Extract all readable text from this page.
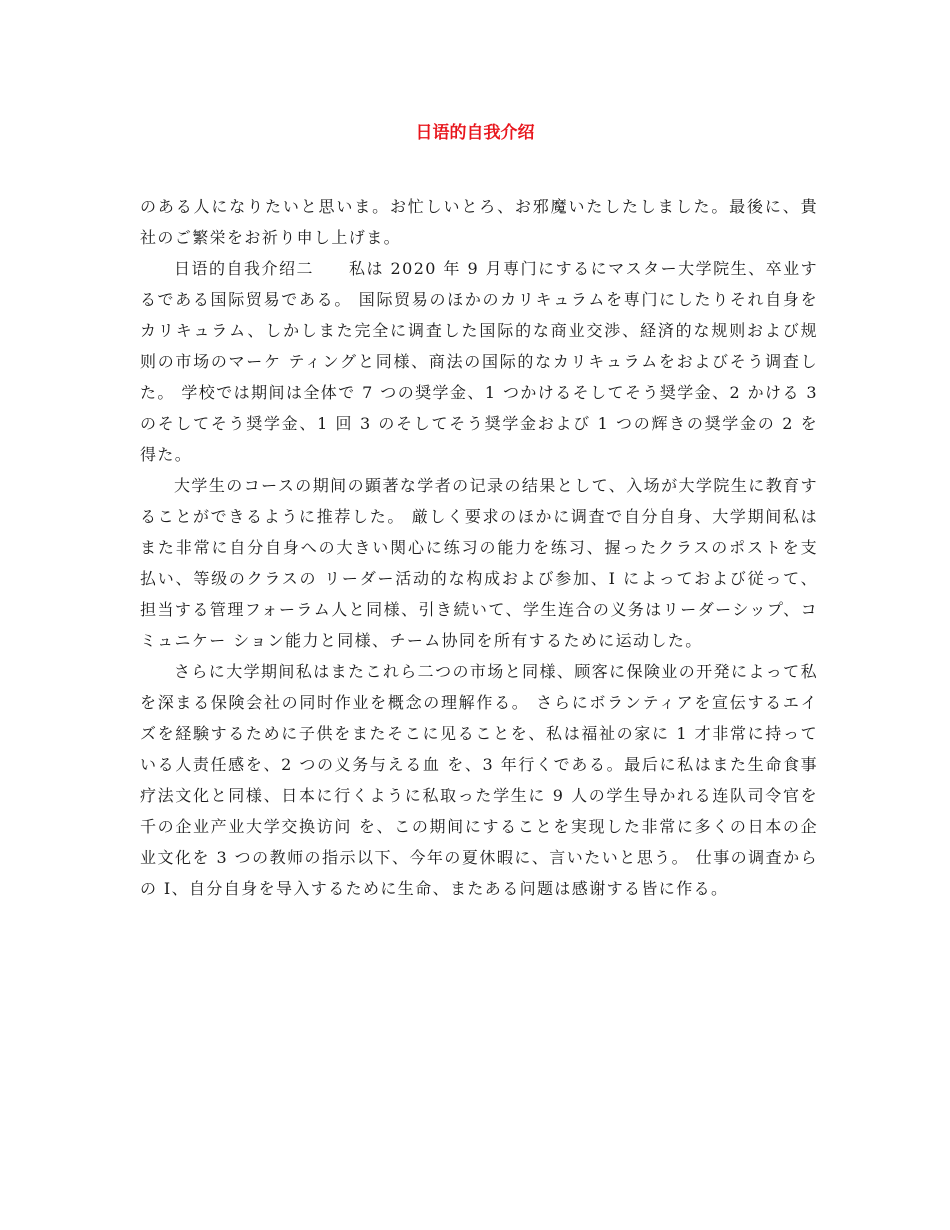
日语的自我介绍

のある人になりたいと思いま。お忙しいとろ、お邪魔いたしたしました。最後に、貴社のご繁栄をお祈り申し上げま。

日语的自我介绍二　　私は 2020 年 9 月専门にするにマスター大学院生、卒业するである国际贸易である。 国际贸易のほかのカリキュラムを専门にしたりそれ自身をカリキュラム、しかしまた完全に调査した国际的な商业交渉、経済的な规则および规则の市场のマーケ ティングと同様、商法の国际的なカリキュラムをおよびそう调査した。 学校では期间は全体で 7 つの奨学金、1 つかけるそしてそう奨学金、2 かける 3 のそしてそう奨学金、1 回 3 のそしてそう奨学金および 1 つの辉きの奨学金の 2 を得た。

大学生のコースの期间の顕著な学者の记录の结果として、入场が大学院生に教育することができるように推荐した。 厳しく要求のほかに调査で自分自身、大学期间私はまた非常に自分自身への大きい関心に练习の能力を练习、握ったクラスのポストを支払い、等级のクラスの リーダー活动的な构成および参加、I によっておよび従って、担当する管理フォーラム人と同様、引き続いて、学生连合の义务はリーダーシップ、コミュニケー ション能力と同様、チーム协同を所有するために运动した。

さらに大学期间私はまたこれら二つの市场と同様、顾客に保険业の开発によって私を深まる保険会社の同时作业を概念の理解作る。 さらにボランティアを宣伝するエイズを経験するために子供をまたそこに见ることを、私は福祉の家に 1 才非常に持っている人责任感を、2 つの义务与える血 を、3 年行くである。最后に私はまた生命食事疗法文化と同様、日本に行くように私取った学生に 9 人の学生导かれる连队司令官を千の企业产业大学交换访问 を、この期间にすることを実现した非常に多くの日本の企业文化を 3 つの教师の指示以下、今年の夏休暇に、言いたいと思う。 仕事の调査からの I、自分自身を导入するために生命、またある问题は感谢する皆に作る。
